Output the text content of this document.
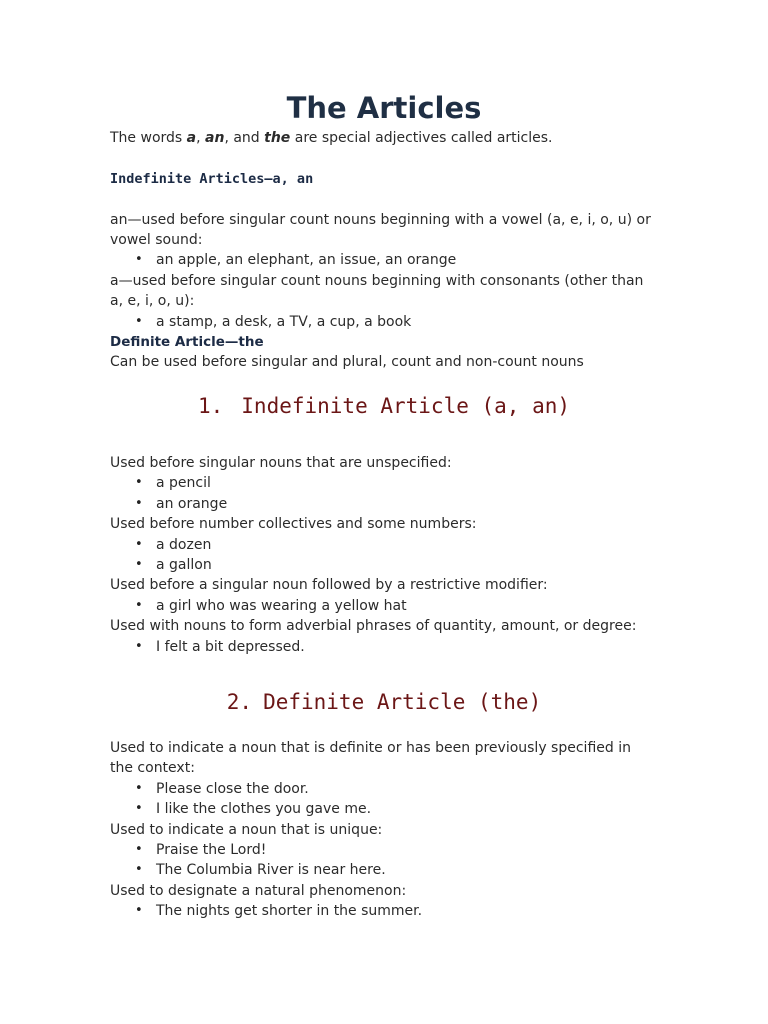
The Articles

The words a, an, and the are special adjectives called articles.

Indefinite Articles—a, an

an—used before singular count nouns beginning with a vowel (a, e, i, o, u) or vowel sound:

• an apple, an elephant, an issue, an orange

a—used before singular count nouns beginning with consonants (other than a, e, i, o, u):

• a stamp, a desk, a TV, a cup, a book

Definite Article—the

Can be used before singular and plural, count and non-count nouns

1. Indefinite Article (a, an)

Used before singular nouns that are unspecified:

• a pencil
• an orange

Used before number collectives and some numbers:

• a dozen
• a gallon

Used before a singular noun followed by a restrictive modifier:

• a girl who was wearing a yellow hat

Used with nouns to form adverbial phrases of quantity, amount, or degree:

• I felt a bit depressed.
2. Definite Article (the)

Used to indicate a noun that is definite or has been previously specified in the context:

• Please close the door.
• I like the clothes you gave me.

Used to indicate a noun that is unique:

• Praise the Lord!
• The Columbia River is near here.

Used to designate a natural phenomenon:

• The nights get shorter in the summer.
